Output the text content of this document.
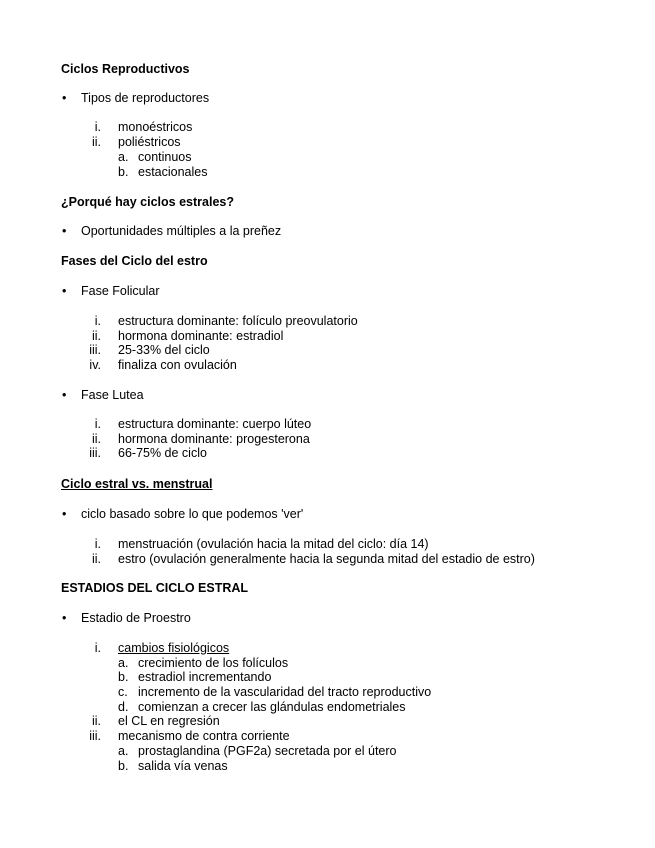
Ciclos Reproductivos
• Tipos de reproductores
i. monoéstricos
ii. poliéstricos
a. continuos
b. estacionales
¿Porqué hay ciclos estrales?
• Oportunidades múltiples a la preñez
Fases del Ciclo del estro
• Fase Folicular
i. estructura dominante: folículo preovulatorio
ii. hormona dominante: estradiol
iii. 25-33% del ciclo
iv. finaliza con ovulación
• Fase Lutea
i. estructura dominante: cuerpo lúteo
ii. hormona dominante: progesterona
iii. 66-75% de ciclo
Ciclo estral vs. menstrual
• ciclo basado sobre lo que podemos 'ver'
i. menstruación (ovulación hacia la mitad del ciclo: día 14)
ii. estro (ovulación generalmente hacia la segunda mitad del estadio de estro)
ESTADIOS DEL CICLO ESTRAL
• Estadio de Proestro
i. cambios fisiológicos
a. crecimiento de los folículos
b. estradiol incrementando
c. incremento de la vascularidad del tracto reproductivo
d. comienzan a crecer las glándulas endometriales
ii. el CL en regresión
iii. mecanismo de contra corriente
a. prostaglandina (PGF2a) secretada por el útero
b. salida vía venas
